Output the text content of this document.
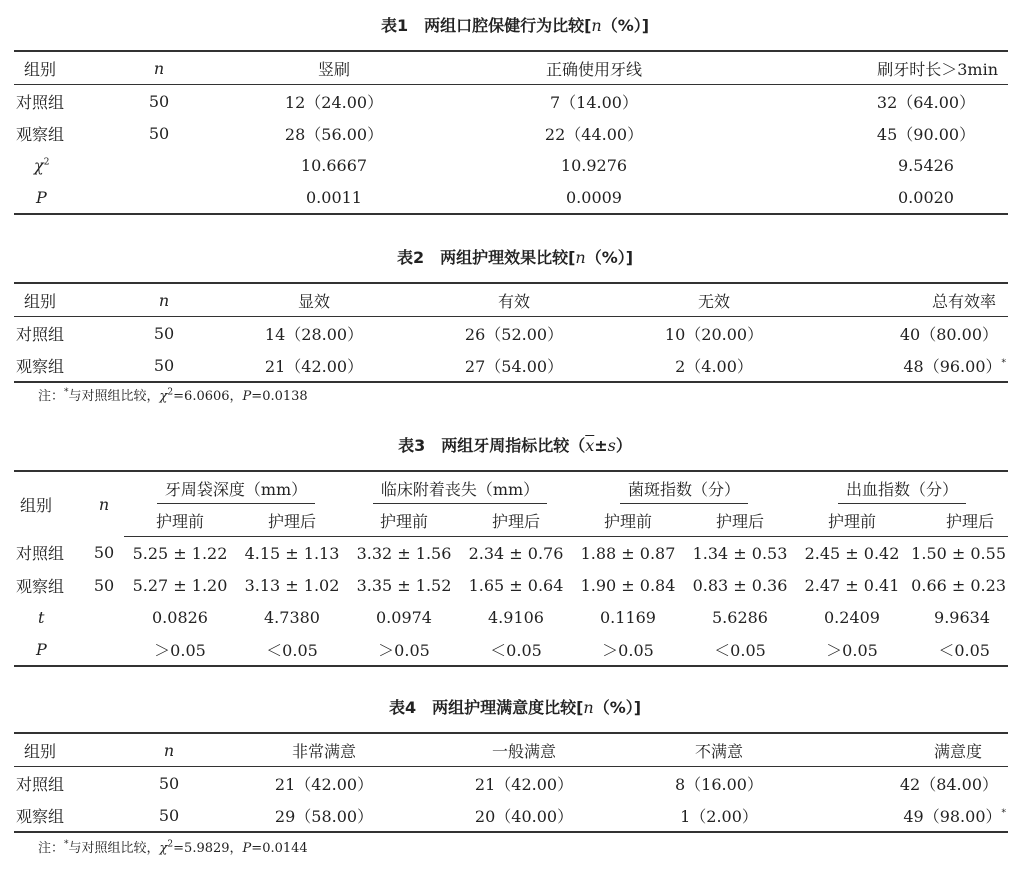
表1　两组口腔保健行为比较[n（%）]
组别	n	竖刷	正确使用牙线	刷牙时长＞3min
对照组	50	12（24.00）	7（14.00）	32（64.00）
观察组	50	28（56.00）	22（44.00）	45（90.00）
$\chi^2$		10.6667	10.9276	9.5426
P		0.0011	0.0009	0.0020
表2　两组护理效果比较[n（%）]
组别	n	显效	有效	无效	总有效率
对照组	50	14（28.00）	26（52.00）	10（20.00）	40（80.00）
观察组	50	21（42.00）	27（54.00）	2（4.00）	48（96.00）*
注：*与对照组比较，$\chi^2=6.0606$，P=0.0138
表3　两组牙周指标比较$(\overline{x}\pm s)$
组别	n	牙周袋深度（mm）		临床附着丧失（mm）		菌斑指数（分）		出血指数（分）	
		护理前	护理后	护理前	护理后	护理前	护理后	护理前	护理后
对照组	50	5.25 ± 1.22	4.15 ± 1.13	3.32 ± 1.56	2.34 ± 0.76	1.88 ± 0.87	1.34 ± 0.53	2.45 ± 0.42	1.50 ± 0.55
观察组	50	5.27 ± 1.20	3.13 ± 1.02	3.35 ± 1.52	1.65 ± 0.64	1.90 ± 0.84	0.83 ± 0.36	2.47 ± 0.41	0.66 ± 0.23
t		0.0826	4.7380	0.0974	4.9106	0.1169	5.6286	0.2409	9.9634
P		＞0.05	＜0.05	＞0.05	＜0.05	＞0.05	＜0.05	＞0.05	＜0.05
表4　两组护理满意度比较[n（%）]
组别	n	非常满意	一般满意	不满意	满意度
对照组	50	21（42.00）	21（42.00）	8（16.00）	42（84.00）
观察组	50	29（58.00）	20（40.00）	1（2.00）	49（98.00）*
注：*与对照组比较，$\chi^2=5.9829$，P=0.0144
